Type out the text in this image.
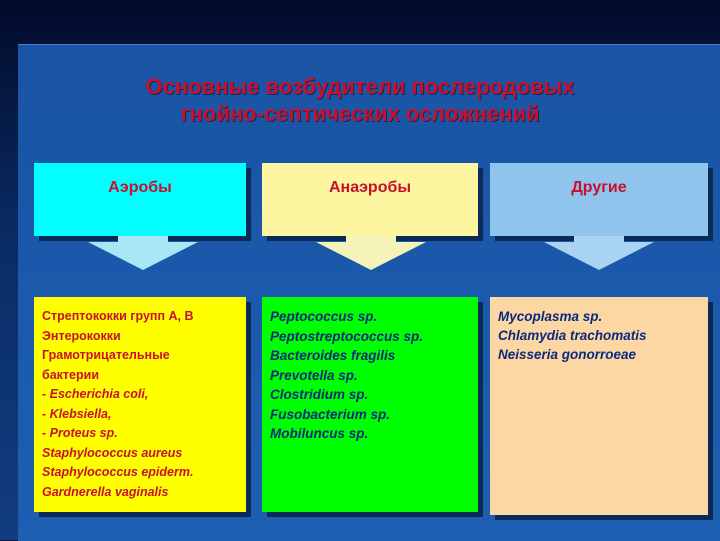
Основные возбудители послеродовых
гнойно-септических осложнений
Аэробы	Анаэробы	Другие
Стрептококки групп А, В
Энтерококки
Грамотрицательные
бактерии
- Escherichia coli,
- Klebsiella,
- Proteus sp.
Staphylococcus aureus
Staphylococcus epiderm.
Gardnerella vaginalis
Peptococcus sp.
Peptostreptococcus sp.
Bacteroides fragilis
Prevotella sp.
Clostridium sp.
Fusobacterium sp.
Mobiluncus sp.
Mycoplasma sp.
Chlamydia trachomatis
Neisseria gonorroeae
